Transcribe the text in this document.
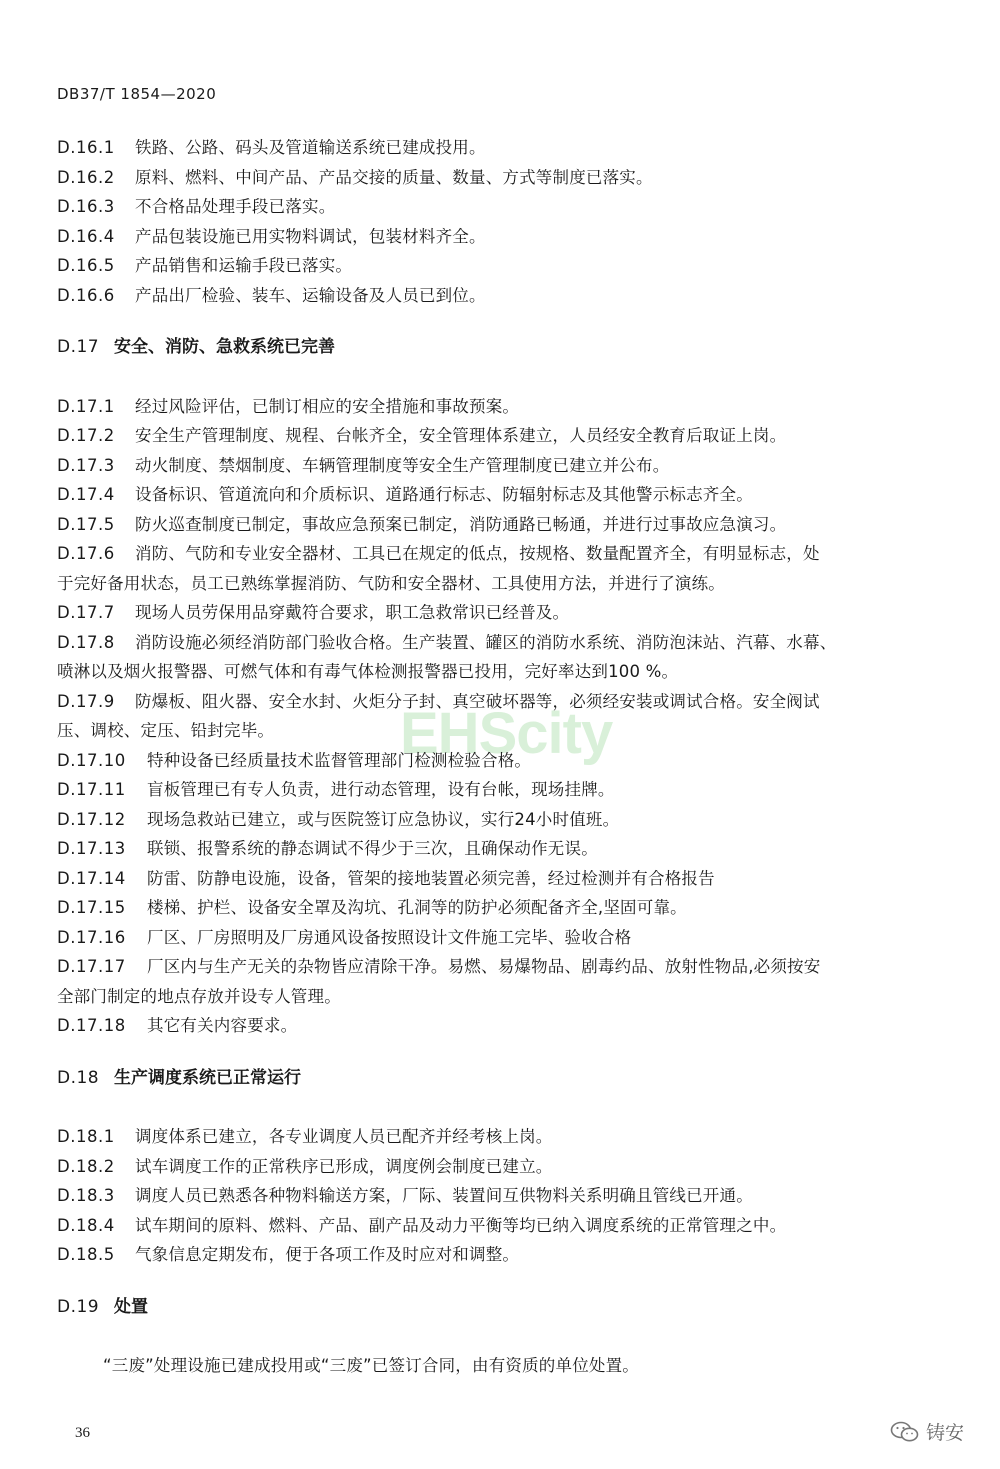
DB37/T 1854—2020
EHScity
D.16.1 铁路、公路、码头及管道输送系统已建成投用。
D.16.2 原料、燃料、中间产品、产品交接的质量、数量、方式等制度已落实。
D.16.3 不合格品处理手段已落实。
D.16.4 产品包装设施已用实物料调试，包装材料齐全。
D.16.5 产品销售和运输手段已落实。
D.16.6 产品出厂检验、装车、运输设备及人员已到位。
D.17 安全、消防、急救系统已完善
D.17.1 经过风险评估，已制订相应的安全措施和事故预案。
D.17.2 安全生产管理制度、规程、台帐齐全，安全管理体系建立，人员经安全教育后取证上岗。
D.17.3 动火制度、禁烟制度、车辆管理制度等安全生产管理制度已建立并公布。
D.17.4 设备标识、管道流向和介质标识、道路通行标志、防辐射标志及其他警示标志齐全。
D.17.5 防火巡查制度已制定，事故应急预案已制定，消防通路已畅通，并进行过事故应急演习。
D.17.6 消防、气防和专业安全器材、工具已在规定的低点，按规格、数量配置齐全，有明显标志，处
于完好备用状态，员工已熟练掌握消防、气防和安全器材、工具使用方法，并进行了演练。
D.17.7 现场人员劳保用品穿戴符合要求，职工急救常识已经普及。
D.17.8 消防设施必须经消防部门验收合格。生产装置、罐区的消防水系统、消防泡沫站、汽幕、水幕、
喷淋以及烟火报警器、可燃气体和有毒气体检测报警器已投用，完好率达到100 %。
D.17.9 防爆板、阻火器、安全水封、火炬分子封、真空破坏器等，必须经安装或调试合格。安全阀试
压、调校、定压、铅封完毕。
D.17.10 特种设备已经质量技术监督管理部门检测检验合格。
D.17.11 盲板管理已有专人负责，进行动态管理，设有台帐，现场挂牌。
D.17.12 现场急救站已建立，或与医院签订应急协议，实行24小时值班。
D.17.13 联锁、报警系统的静态调试不得少于三次，且确保动作无误。
D.17.14 防雷、防静电设施，设备，管架的接地装置必须完善，经过检测并有合格报告
D.17.15 楼梯、护栏、设备安全罩及沟坑、孔洞等的防护必须配备齐全,坚固可靠。
D.17.16 厂区、厂房照明及厂房通风设备按照设计文件施工完毕、验收合格
D.17.17 厂区内与生产无关的杂物皆应清除干净。易燃、易爆物品、剧毒约品、放射性物品,必须按安
全部门制定的地点存放并设专人管理。
D.17.18 其它有关内容要求。
D.18 生产调度系统已正常运行
D.18.1 调度体系已建立，各专业调度人员已配齐并经考核上岗。
D.18.2 试车调度工作的正常秩序已形成，调度例会制度已建立。
D.18.3 调度人员已熟悉各种物料输送方案，厂际、装置间互供物料关系明确且管线已开通。
D.18.4 试车期间的原料、燃料、产品、副产品及动力平衡等均已纳入调度系统的正常管理之中。
D.18.5 气象信息定期发布，便于各项工作及时应对和调整。
D.19 处置
“三废”处理设施已建成投用或“三废”已签订合同，由有资质的单位处置。
36	铸安
